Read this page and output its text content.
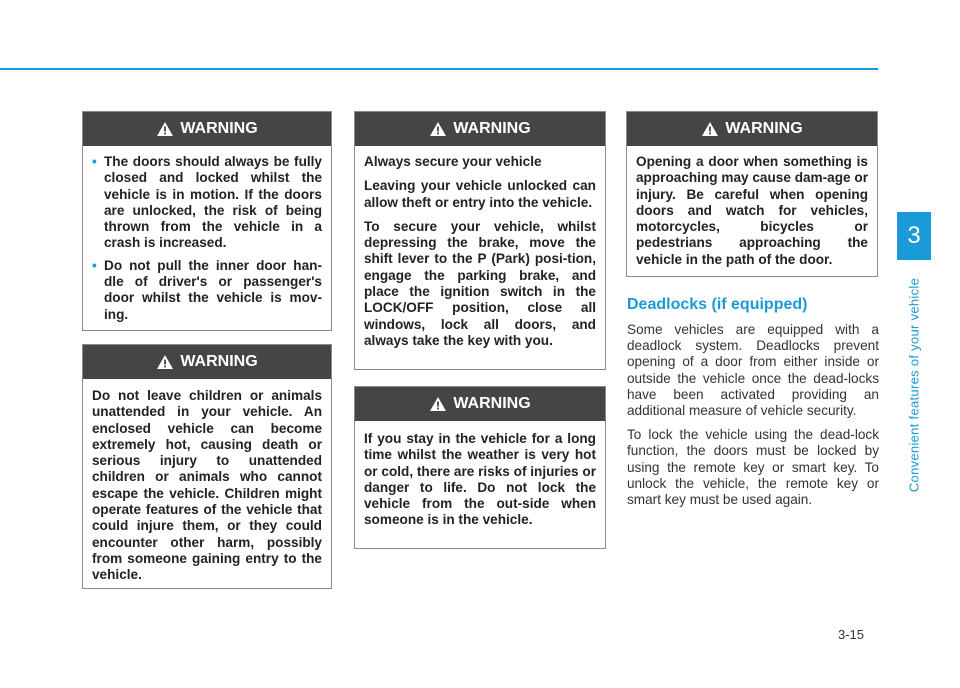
WARNING
• The doors should always be fully closed and locked whilst the vehicle is in motion. If the doors are unlocked, the risk of being thrown from the vehicle in a crash is increased.
• Do not pull the inner door han-dle of driver's or passenger's door whilst the vehicle is mov-ing.
WARNING

Do not leave children or animals unattended in your vehicle. An enclosed vehicle can become extremely hot, causing death or serious injury to unattended children or animals who cannot escape the vehicle. Children might operate features of the vehicle that could injure them, or they could encounter other harm, possibly from someone gaining entry to the vehicle.

WARNING

Always secure your vehicle

Leaving your vehicle unlocked can allow theft or entry into the vehicle.

To secure your vehicle, whilst depressing the brake, move the shift lever to the P (Park) posi-tion, engage the parking brake, and place the ignition switch in the LOCK/OFF position, close all windows, lock all doors, and always take the key with you.

WARNING

If you stay in the vehicle for a long time whilst the weather is very hot or cold, there are risks of injuries or danger to life. Do not lock the vehicle from the out-side when someone is in the vehicle.

WARNING

Opening a door when something is approaching may cause dam-age or injury. Be careful when opening doors and watch for vehicles, motorcycles, bicycles or pedestrians approaching the vehicle in the path of the door.

Deadlocks (if equipped)

Some vehicles are equipped with a deadlock system. Deadlocks prevent opening of a door from either inside or outside the vehicle once the dead-locks have been activated providing an additional measure of vehicle security.

To lock the vehicle using the dead-lock function, the doors must be locked by using the remote key or smart key. To unlock the vehicle, the remote key or smart key must be used again.

3
Convenient features of your vehicle
3-15
